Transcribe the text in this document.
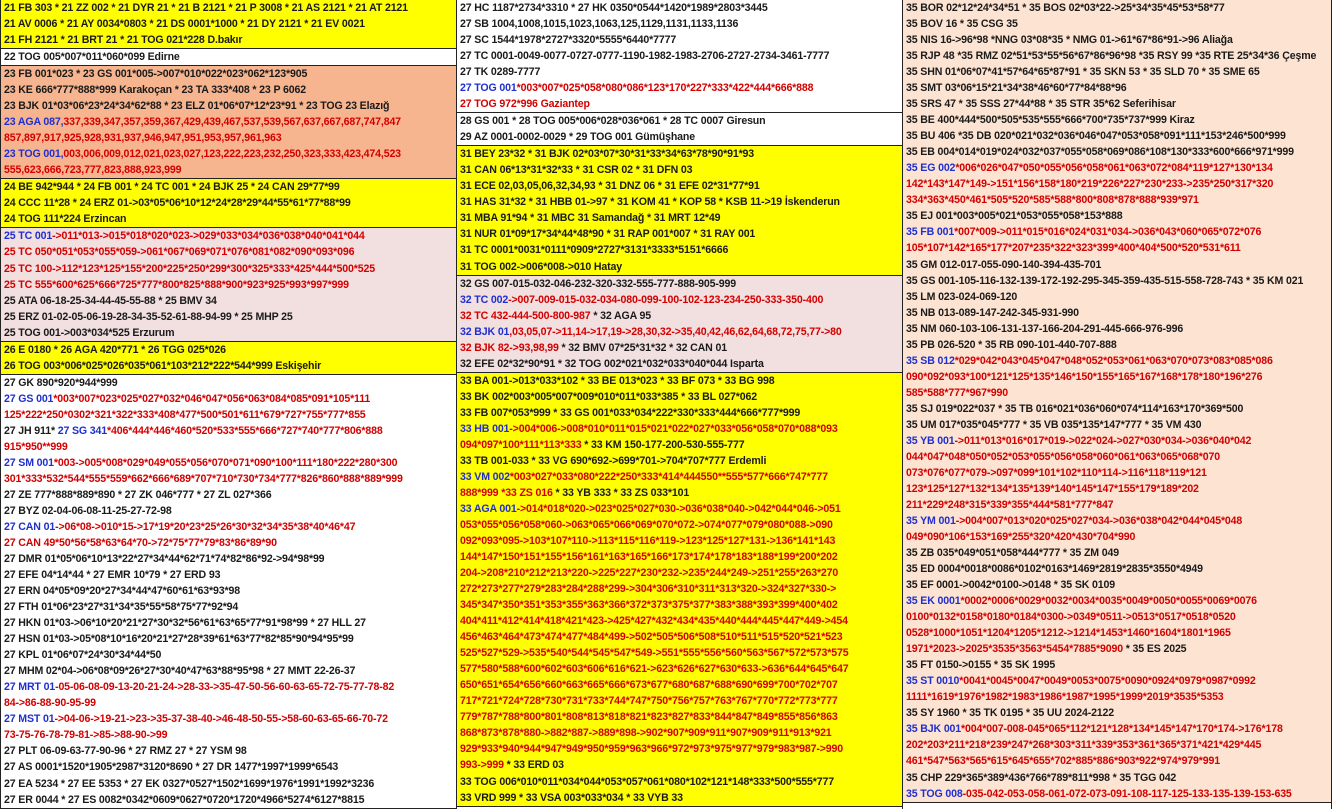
21 FB 303 * 21 ZZ 002 * 21 DYR 21 * 21 B 2121 * 21 P 3008 * 21 AS 2121 * 21 AT 2121
21 AV 0006 * 21 AY 0034*0803 * 21 DS 0001*1000 * 21 DY 2121 * 21 EV 0021
21 FH 2121 * 21 BRT 21 * 21 TOG 021*228 D.bakır
22 TOG 005*007*011*060*099 Edirne
23 FB 001*023 * 23 GS 001*005->007*010*022*023*062*123*905
23 KE 666*777*888*999 Karakoçan * 23 TA 333*408 * 23 P 6062
23 BJK 01*03*06*23*24*34*62*88 * 23 ELZ 01*06*07*12*23*91 * 23 TOG 23 Elazığ
23 AGA 087,337,339,347,357,359,367,429,439,467,537,539,567,637,667,687,747,847
857,897,917,925,928,931,937,946,947,951,953,957,961,963
23 TOG 001,003,006,009,012,021,023,027,123,222,223,232,250,323,333,423,474,523
555,623,666,723,777,823,888,923,999
24 BE 942*944 * 24 FB 001 * 24 TC 001 * 24 BJK 25 * 24 CAN 29*77*99
24 CCC 11*28 * 24 ERZ 01->03*05*06*10*12*24*28*29*44*55*61*77*88*99
24 TOG 111*224 Erzincan
25 TC 001->011*013->015*018*020*023->029*033*034*036*038*040*041*044
25 TC 050*051*053*055*059->061*067*069*071*076*081*082*090*093*096
25 TC 100->112*123*125*155*200*225*250*299*300*325*333*425*444*500*525
25 TC 555*600*625*666*725*777*800*825*888*900*923*925*993*997*999
25 ATA 06-18-25-34-44-45-55-88 * 25 BMV 34
25 ERZ 01-02-05-06-19-28-34-35-52-61-88-94-99 * 25 MHP 25
25 TOG 001->003*034*525 Erzurum
26 E 0180 * 26 AGA 420*771 * 26 TGG 025*026
26 TOG 003*006*025*026*035*061*103*212*222*544*999 Eskişehir
27 GK 890*920*944*999
27 GS 001*003*007*023*025*027*032*046*047*056*063*084*085*091*105*111
125*222*250*0302*321*322*333*408*477*500*501*611*679*727*755*777*855
27 JH 911* 27 SG 341*406*444*446*460*520*533*555*666*727*740*777*806*888
915*950**999
27 SM 001*003->005*008*029*049*055*056*070*071*090*100*111*180*222*280*300
301*333*532*544*555*559*662*666*689*707*710*730*734*777*826*860*888*889*999
27 ZE 777*888*889*890 * 27 ZK 046*777 * 27 ZL 027*366
27 BYZ 02-04-06-08-11-25-27-72-98
27 CAN 01->06*08->010*15->17*19*20*23*25*26*30*32*34*35*38*40*46*47
27 CAN 49*50*56*58*63*64*70->72*75*77*79*83*86*89*90
27 DMR 01*05*06*10*13*22*27*34*44*62*71*74*82*86*92->94*98*99
27 EFE 04*14*44 * 27 EMR 10*79 * 27 ERD 93
27 ERN 04*05*09*20*27*34*44*47*60*61*63*93*98
27 FTH 01*06*23*27*31*34*35*55*58*75*77*92*94
27 HKN 01*03->06*10*20*21*27*30*32*56*61*63*65*77*91*98*99 * 27 HLL 27
27 HSN 01*03->05*08*10*16*20*21*27*28*39*61*63*77*82*85*90*94*95*99
27 KPL 01*06*07*24*30*34*44*50
27 MHM 02*04->06*08*09*26*27*30*40*47*63*88*95*98 * 27 MMT 22-26-37
27 MRT 01-05-06-08-09-13-20-21-24->28-33->35-47-50-56-60-63-65-72-75-77-78-82
84->86-88-90-95-99
27 MST 01->04-06->19-21->23->35-37-38-40->46-48-50-55->58-60-63-65-66-70-72
73-75-76-78-79-81->85->88-90->99
27 PLT 06-09-63-77-90-96 * 27 RMZ 27 * 27 YSM 98
27 AS 0001*1520*1905*2987*3120*8690 * 27 DR 1477*1997*1999*6543
27 EA 5234 * 27 EE 5353 * 27 EK 0327*0527*1502*1699*1976*1991*1992*3236
27 ER 0044 * 27 ES 0082*0342*0609*0627*0720*1720*4966*5274*6127*8815
27 HC 1187*2734*3310 * 27 HK 0350*0544*1420*1989*2803*3445
27 SB 1004,1008,1015,1023,1063,125,1129,1131,1133,1136
27 SC 1544*1978*2727*3320*5555*6440*7777
27 TC 0001-0049-0077-0727-0777-1190-1982-1983-2706-2727-2734-3461-7777
27 TK 0289-7777
27 TOG 001*003*007*025*058*080*086*123*170*227*333*422*444*666*888
27 TOG 972*996 Gaziantep
28 GS 001 * 28 TOG 005*006*028*036*061 * 28 TC 0007 Giresun
29 AZ 0001-0002-0029 * 29 TOG 001 Gümüşhane
31 BEY 23*32 * 31 BJK 02*03*07*30*31*33*34*63*78*90*91*93
31 CAN 06*13*31*32*33 * 31 CSR 02 * 31 DFN 03
31 ECE 02,03,05,06,32,34,93 * 31 DNZ 06 * 31 EFE 02*31*77*91
31 HAS 31*32 * 31 HBB 01->97 * 31 KOM 41 * KOP 58 * KSB 11->19 İskenderun
31 MBA 91*94 * 31 MBC 31 Samandağ * 31 MRT 12*49
31 NUR 01*09*17*34*44*48*90 * 31 RAP 001*007 * 31 RAY 001
31 TC 0001*0031*0111*0909*2727*3131*3333*5151*6666
31 TOG 002->006*008->010 Hatay
32 GS 007-015-032-046-232-320-332-555-777-888-905-999
32 TC 002->007-009-015-032-034-080-099-100-102-123-234-250-333-350-400
32 TC 432-444-500-800-987 * 32 AGA 95
32 BJK 01,03,05,07->11,14->17,19->28,30,32->35,40,42,46,62,64,68,72,75,77->80
32 BJK 82->93,98,99 * 32 BMV 07*25*31*32 * 32 CAN 01
32 EFE 02*32*90*91 * 32 TOG 002*021*032*033*040*044 Isparta
33 BA 001->013*033*102 * 33 BE 013*023 * 33 BF 073 * 33 BG 998
33 BK 002*003*005*007*009*010*011*033*385 * 33 BL 027*062
33 FB 007*053*999 * 33 GS 001*033*034*222*330*333*444*666*777*999
33 HB 001->004*006->008*010*011*015*021*022*027*033*056*058*070*088*093
094*097*100*111*113*333 * 33 KM 150-177-200-530-555-777
33 TB 001-033 * 33 VG 690*692->699*701->704*707*777 Erdemli
33 VM 002*003*027*033*080*222*250*333*414*444550**555*577*666*747*777
888*999 *33 ZS 016 * 33 YB 333 * 33 ZS 033*101
33 AGA 001->014*018*020->023*025*027*030->036*038*040->042*044*046->051
053*055*056*058*060->063*065*066*069*070*072->074*077*079*080*088->090
092*093*095->103*107*110->113*115*116*119->123*125*127*131->136*141*143
144*147*150*151*155*156*161*163*165*166*173*174*178*183*188*199*200*202
204->208*210*212*213*220->225*227*230*232->235*244*249->251*255*263*270
272*273*277*279*283*284*288*299->304*306*310*311*313*320->324*327*330->
345*347*350*351*353*355*363*366*372*373*375*377*383*388*393*399*400*402
404*411*412*414*418*421*423->425*427*432*434*435*440*444*445*447*449->454
456*463*464*473*474*477*484*499->502*505*506*508*510*511*515*520*521*523
525*527*529->535*540*544*545*547*549->551*555*556*560*563*567*572*573*575
577*580*588*600*602*603*606*616*621->623*626*627*630*633->636*644*645*647
650*651*654*656*660*663*665*666*673*677*680*687*688*690*699*700*702*707
717*721*724*728*730*731*733*744*747*750*756*757*763*767*770*772*773*777
779*787*788*800*801*808*813*818*821*823*827*833*844*847*849*855*856*863
868*873*878*880->882*887->889*898->902*907*909*911*907*909*911*913*921
929*933*940*944*947*949*950*959*963*966*972*973*975*977*979*983*987->990
993->999 * 33 ERD 03
33 TOG 006*010*011*034*044*053*057*061*080*102*121*148*333*500*555*777
33 VRD 999 * 33 VSA 003*033*034 * 33 VYB 33
35 BOR 02*12*24*34*51 * 35 BOS 02*03*22->25*34*35*45*53*58*77
35 BOV 16 * 35 CSG 35
35 NIS 16->96*98 *NNG 03*08*35 * NMG 01->61*67*86*91->96 Aliağa
35 RJP 48 *35 RMZ 02*51*53*55*56*67*86*96*98 *35 RSY 99 *35 RTE 25*34*36 Çeşme
35 SHN 01*06*07*41*57*64*65*87*91 * 35 SKN 53 * 35 SLD 70 * 35 SME 65
35 SMT 03*06*15*21*34*38*46*60*77*84*88*96
35 SRS 47 * 35 SSS 27*44*88 * 35 STR 35*62 Seferihisar
35 BE 400*444*500*505*535*555*666*700*735*737*999 Kiraz
35 BU 406 *35 DB 020*021*032*036*046*047*053*058*091*111*153*246*500*999
35 EB 004*014*019*024*032*037*055*058*069*086*108*130*333*600*666*971*999
35 EG 002*006*026*047*050*055*056*058*061*063*072*084*119*127*130*134
142*143*147*149->151*156*158*180*219*226*227*230*233->235*250*317*320
334*363*450*461*505*520*585*588*800*808*878*888*939*971
35 EJ 001*003*005*021*053*055*058*153*888
35 FB 001*007*009->011*015*016*024*031*034->036*043*060*065*072*076
105*107*142*165*177*207*235*322*323*399*400*404*500*520*531*611
35 GM 012-017-055-090-140-394-435-701
35 GS 001-105-116-132-139-172-192-295-345-359-435-515-558-728-743 * 35 KM 021
35 LM 023-024-069-120
35 NB 013-089-147-242-345-931-990
35 NM 060-103-106-131-137-166-204-291-445-666-976-996
35 PB 026-520 * 35 RB 090-101-440-707-888
35 SB 012*029*042*043*045*047*048*052*053*061*063*070*073*083*085*086
090*092*093*100*121*125*135*146*150*155*165*167*168*178*180*196*276
585*588*777*967*990
35 SJ 019*022*037 * 35 TB 016*021*036*060*074*114*163*170*369*500
35 UM 017*035*045*777 * 35 VB 035*135*147*777 * 35 VM 430
35 YB 001->011*013*016*017*019->022*024->027*030*034->036*040*042
044*047*048*050*052*053*055*056*058*060*061*063*065*068*070
073*076*077*079->097*099*101*102*110*114->116*118*119*121
123*125*127*132*134*135*139*140*145*147*155*179*189*202
211*229*248*315*339*355*444*581*777*847
35 YM 001->004*007*013*020*025*027*034->036*038*042*044*045*048
049*090*106*153*169*255*320*420*430*704*990
35 ZB 035*049*051*058*444*777 * 35 ZM 049
35 ED 0004*0018*0086*0102*0163*1469*2819*2835*3550*4949
35 EF 0001->0042*0100->0148 * 35 SK 0109
35 EK 0001*0002*0006*0029*0032*0034*0035*0049*0050*0055*0069*0076
0100*0132*0158*0180*0184*0300->0349*0511->0513*0517*0518*0520
0528*1000*1051*1204*1205*1212->1214*1453*1460*1604*1801*1965
1971*2023->2025*3535*3563*5454*7885*9090 * 35 ES 2025
35 FT 0150->0155 * 35 SK 1995
35 ST 0010*0041*0045*0047*0049*0053*0075*0090*0924*0979*0987*0992
1111*1619*1976*1982*1983*1986*1987*1995*1999*2019*3535*5353
35 SY 1960 * 35 TK 0195 * 35 UU 2024-2122
35 BJK 001*004*007-008-045*065*112*121*128*134*145*147*170*174->176*178
202*203*211*218*239*247*268*303*311*339*353*361*365*371*421*429*445
461*547*563*565*615*645*655*702*885*886*903*922*974*979*991
35 CHP 229*365*389*436*766*789*811*998 * 35 TGG 042
35 TOG 008-035-042-053-058-061-072-073-091-108-117-125-133-135-139-153-635
